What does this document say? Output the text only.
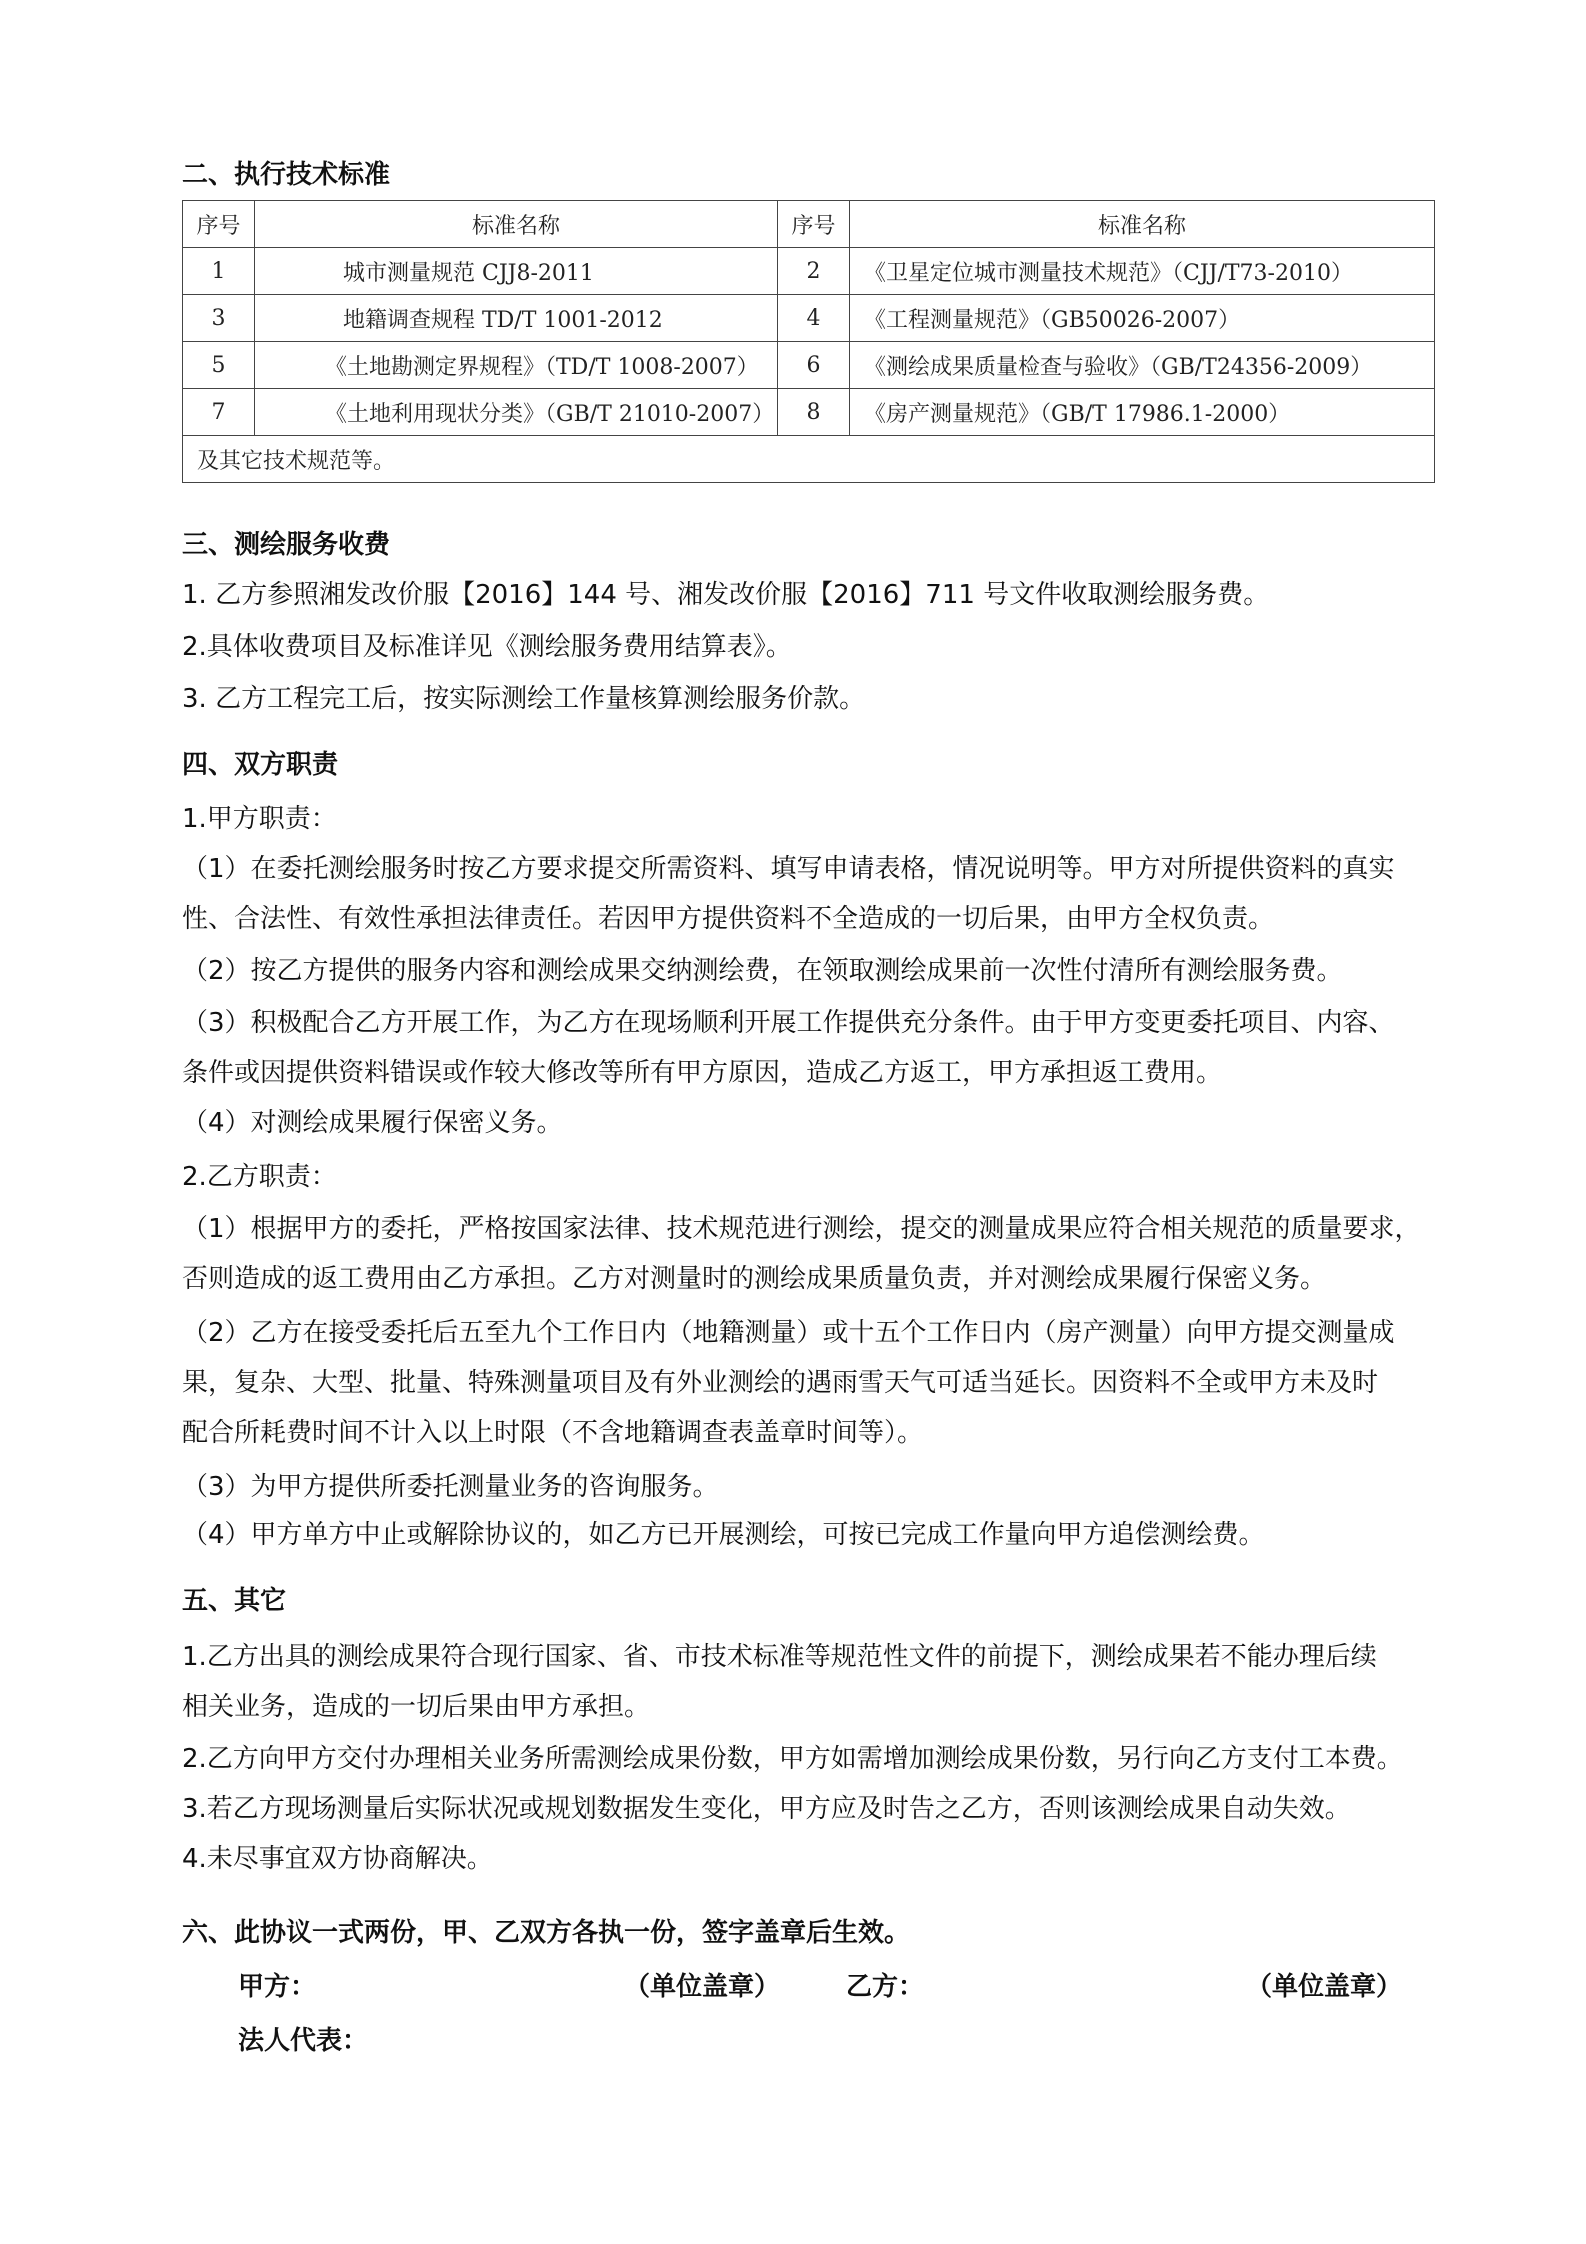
二、执行技术标准
序号	标准名称	序号	标准名称
1	城市测量规范 CJJ8-2011	2	《卫星定位城市测量技术规范》（CJJ/T73-2010）
3	地籍调查规程 TD/T 1001-2012	4	《工程测量规范》（GB50026-2007）
5	《土地勘测定界规程》（TD/T 1008-2007）	6	《测绘成果质量检查与验收》（GB/T24356-2009）
7	《土地利用现状分类》（GB/T 21010-2007）	8	《房产测量规范》（GB/T 17986.1-2000）
及其它技术规范等。			
三、测绘服务收费
1. 乙方参照湘发改价服【2016】144 号、湘发改价服【2016】711 号文件收取测绘服务费。
2.具体收费项目及标准详见《测绘服务费用结算表》。
3. 乙方工程完工后，按实际测绘工作量核算测绘服务价款。
四、双方职责
1.甲方职责：
（1）在委托测绘服务时按乙方要求提交所需资料、填写申请表格，情况说明等。甲方对所提供资料的真实
性、合法性、有效性承担法律责任。若因甲方提供资料不全造成的一切后果，由甲方全权负责。
（2）按乙方提供的服务内容和测绘成果交纳测绘费，在领取测绘成果前一次性付清所有测绘服务费。
（3）积极配合乙方开展工作，为乙方在现场顺利开展工作提供充分条件。由于甲方变更委托项目、内容、
条件或因提供资料错误或作较大修改等所有甲方原因，造成乙方返工，甲方承担返工费用。
（4）对测绘成果履行保密义务。
2.乙方职责：
（1）根据甲方的委托，严格按国家法律、技术规范进行测绘，提交的测量成果应符合相关规范的质量要求，
否则造成的返工费用由乙方承担。乙方对测量时的测绘成果质量负责，并对测绘成果履行保密义务。
（2）乙方在接受委托后五至九个工作日内（地籍测量）或十五个工作日内（房产测量）向甲方提交测量成
果，复杂、大型、批量、特殊测量项目及有外业测绘的遇雨雪天气可适当延长。因资料不全或甲方未及时
配合所耗费时间不计入以上时限（不含地籍调查表盖章时间等）。
（3）为甲方提供所委托测量业务的咨询服务。
（4）甲方单方中止或解除协议的，如乙方已开展测绘，可按已完成工作量向甲方追偿测绘费。
五、其它
1.乙方出具的测绘成果符合现行国家、省、市技术标准等规范性文件的前提下，测绘成果若不能办理后续
相关业务，造成的一切后果由甲方承担。
2.乙方向甲方交付办理相关业务所需测绘成果份数，甲方如需增加测绘成果份数，另行向乙方支付工本费。
3.若乙方现场测量后实际状况或规划数据发生变化，甲方应及时告之乙方，否则该测绘成果自动失效。
4.未尽事宜双方协商解决。
六、此协议一式两份，甲、乙双方各执一份，签字盖章后生效。
甲方：	（单位盖章）	乙方：	（单位盖章）
法人代表：
